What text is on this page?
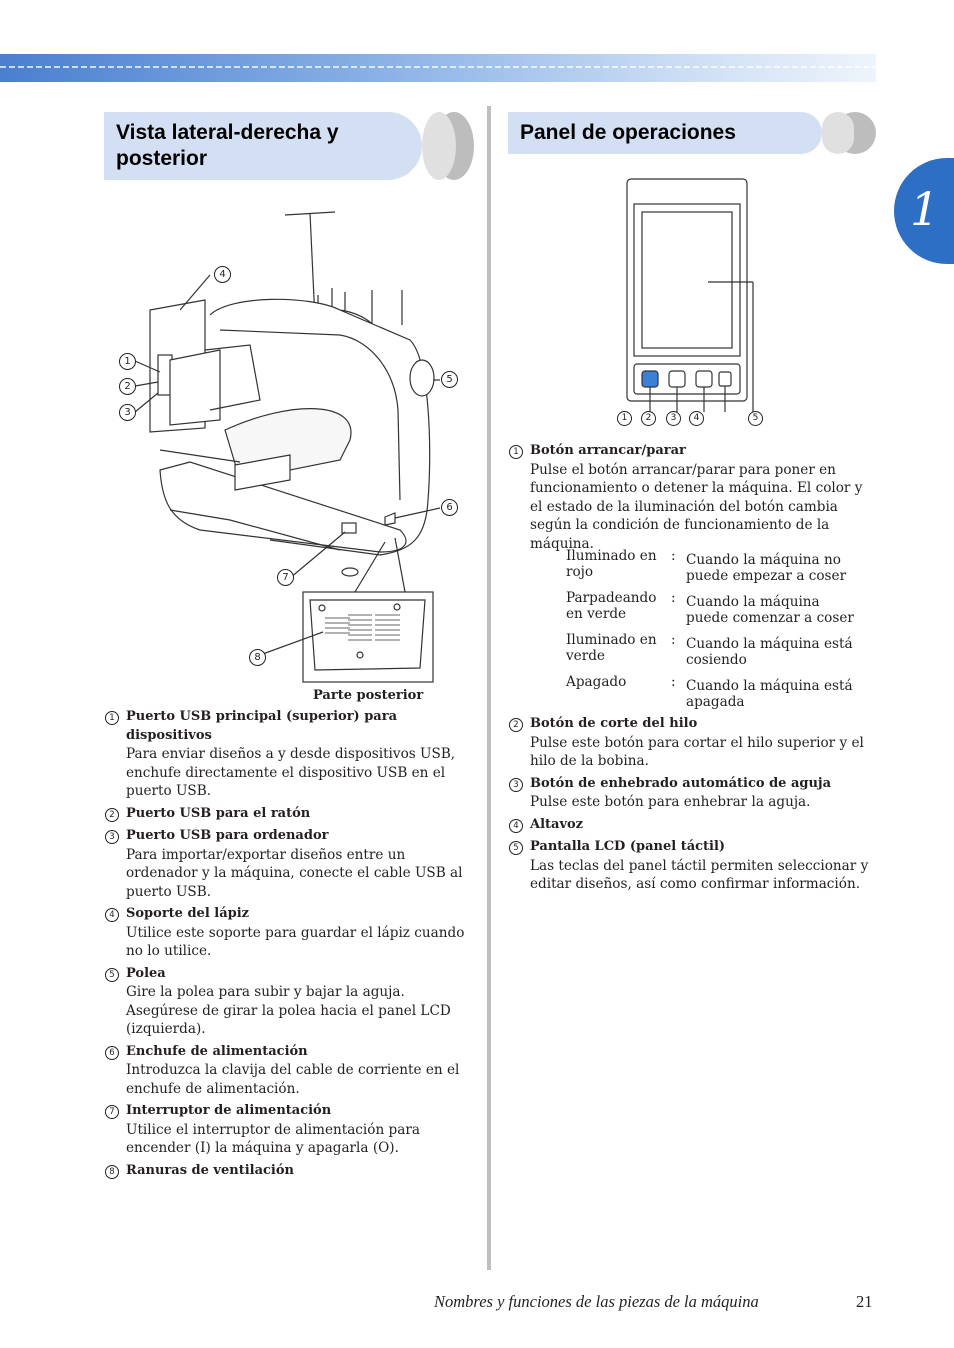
1
Vista lateral-derecha y
posterior
Panel de operaciones
4
1
2
3
5
6
7
8
Parte posterior
1 Puerto USB principal (superior) para dispositivos
Para enviar diseños a y desde dispositivos USB, enchufe directamente el dispositivo USB en el puerto USB.
2 Puerto USB para el ratón
3 Puerto USB para ordenador
Para importar/exportar diseños entre un ordenador y la máquina, conecte el cable USB al puerto USB.
4 Soporte del lápiz
Utilice este soporte para guardar el lápiz cuando no lo utilice.
5 Polea
Gire la polea para subir y bajar la aguja. Asegúrese de girar la polea hacia el panel LCD (izquierda).
6 Enchufe de alimentación
Introduzca la clavija del cable de corriente en el enchufe de alimentación.
7 Interruptor de alimentación
Utilice el interruptor de alimentación para encender (I) la máquina y apagarla (O).
8 Ranuras de ventilación
1	2	3	4	5
1 Botón arrancar/parar
Pulse el botón arrancar/parar para poner en funcionamiento o detener la máquina. El color y el estado de la iluminación del botón cambia según la condición de funcionamiento de la máquina.
Iluminado en rojo
: Cuando la máquina no puede empezar a coser
Parpadeando en verde
: Cuando la máquina puede comenzar a coser
Iluminado en verde
: Cuando la máquina está cosiendo
Apagado	: Cuando la máquina está apagada
2 Botón de corte del hilo
Pulse este botón para cortar el hilo superior y el hilo de la bobina.
3 Botón de enhebrado automático de aguja
Pulse este botón para enhebrar la aguja.
4 Altavoz
5 Pantalla LCD (panel táctil)
Las teclas del panel táctil permiten seleccionar y editar diseños, así como confirmar información.
Nombres y funciones de las piezas de la máquina	21
